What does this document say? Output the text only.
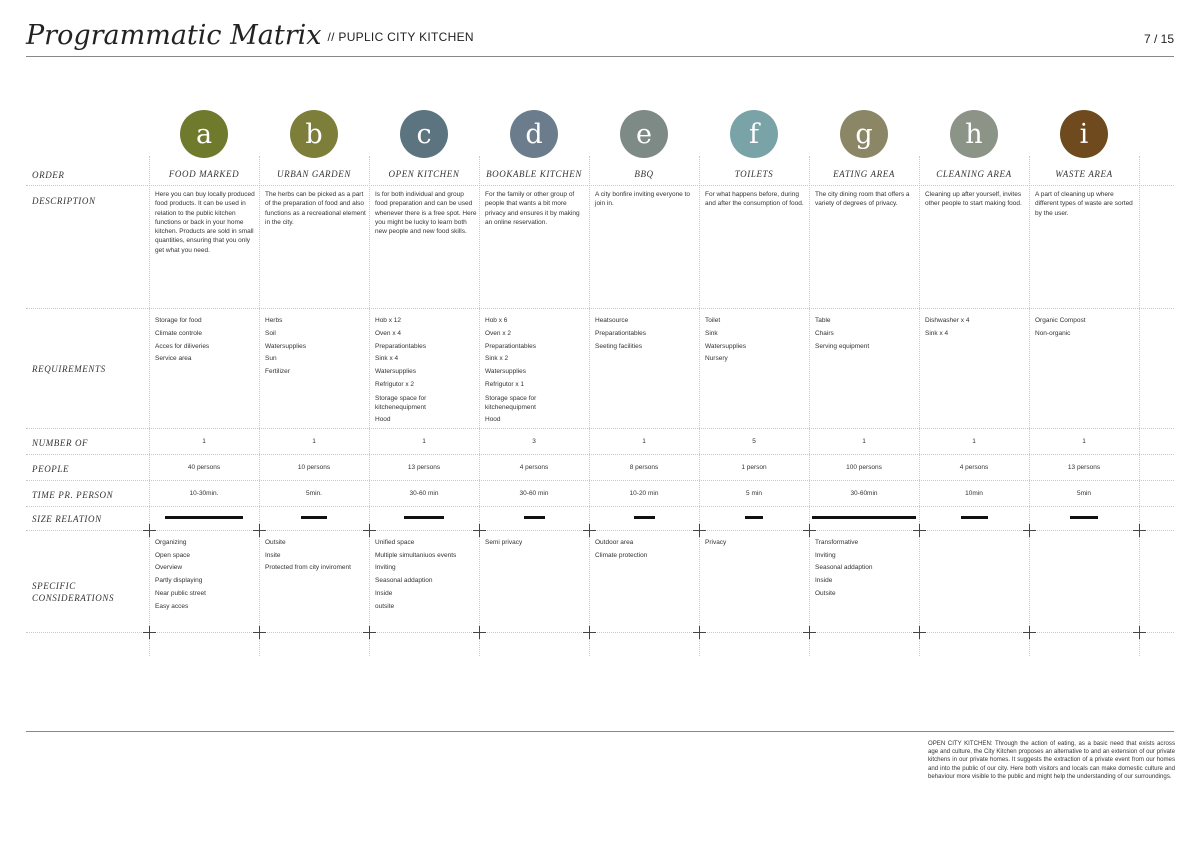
Programmatic Matrix $^{// PUPLIC CITY KITCHEN}$	7 / 15
ORDER
DESCRIPTION
REQUIREMENTS
NUMBER OF
PEOPLE
TIME PR. PERSON
SIZE RELATION
SPECIFIC
CONSIDERATIONS
a
FOOD MARKED
Here you can buy locally produced food products. It can be used in relation to the public kitchen functions or back in your home kitchen. Products are sold in small quantities, ensuring that you only get what you need.
Storage for food
Climate controle
Acces for diliveries
Service area
1
40 persons
10-30min.
Organizing
Open space
Overview
Partly displaying
Near public street
Easy acces
b
URBAN GARDEN
The herbs can be picked as a part of the preparation of food and also functions as a recreational element in the city.
Herbs
Soil
Watersupplies
Sun
Fertilizer
1
10 persons
5min.
Outsite
Insite
Protected from city inviroment
c
OPEN KITCHEN
Is for both individual and group food preparation and can be used whenever there is a free spot. Here you might be lucky to learn both new people and new food skills.
Hob x 12
Oven x 4
Preparationtables
Sink x 4
Watersupplies
Refrigutor x 2
Storage space for kitchenequipment
Hood
1
13 persons
30-60 min
Unified space
Multiple simultaniuos events
Inviting
Seasonal addaption
Inside
outsite
d
BOOKABLE KITCHEN
For the family or other group of people that wants a bit more privacy and ensures it by making an online reservation.
Hob x 6
Oven x 2
Preparationtables
Sink x 2
Watersupplies
Refrigutor x 1
Storage space for kitchenequipment
Hood
3
4 persons
30-60 min
Semi privacy
e
BBQ
A city bonfire inviting everyone to join in.
Heatsource
Preparationtables
Seeting facilities
1
8 persons
10-20 min
Outdoor area
Climate protection
f
TOILETS
For what happens before, during and after the consumption of food.
Toilet
Sink
Watersupplies
Nursery
5
1 person
5 min
Privacy
g
EATING AREA
The city dining room that offers a variety of degrees of privacy.
Table
Chairs
Serving equipment
1
100 persons
30-60min
Transformative
Inviting
Seasonal addaption
Inside
Outsite
h
CLEANING AREA
Cleaning up after yourself, invites other people to start making food.
Dishwasher x 4
Sink x 4
1
4 persons
10min
i
WASTE AREA
A part of cleaning up where different types of waste are sorted by the user.
Organic Compost
Non-organic
1
13 persons
5min
OPEN CITY KITCHEN: Through the action of eating, as a basic need that exists across age and culture, the City Kitchen proposes an alternative to and an extension of our private kitchens in our private homes. It suggests the extraction of a private event from our homes and into the public of our city. Here both visitors and locals can make domestic culture and behaviour more visible to the public and might help the understanding of our surroundings.
